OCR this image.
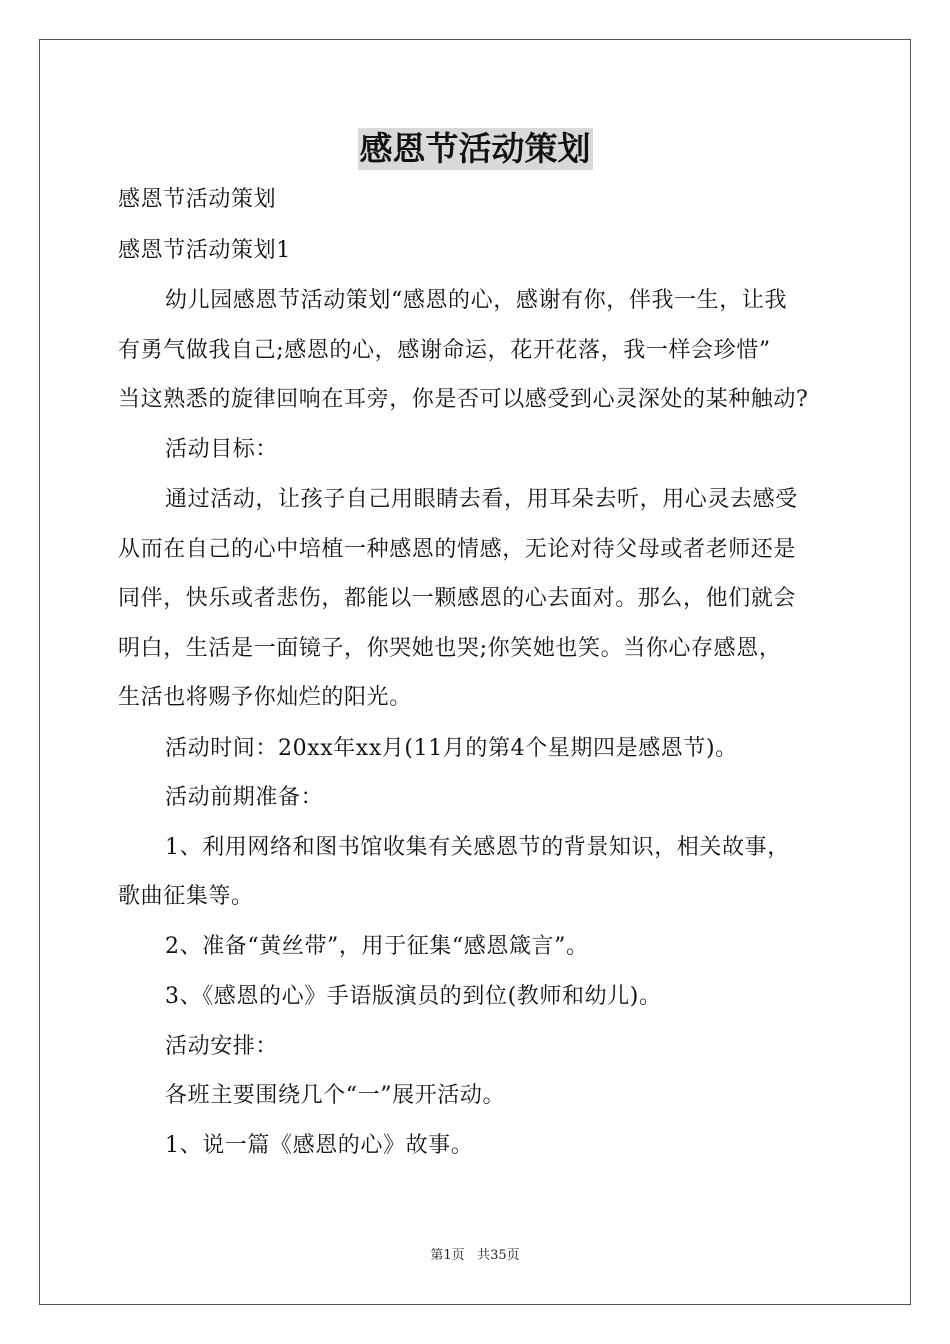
感恩节活动策划
感恩节活动策划
感恩节活动策划1
幼儿园感恩节活动策划“感恩的心，感谢有你，伴我一生，让我
有勇气做我自己;感恩的心，感谢命运，花开花落，我一样会珍惜”
当这熟悉的旋律回响在耳旁，你是否可以感受到心灵深处的某种触动?
活动目标：
通过活动，让孩子自己用眼睛去看，用耳朵去听，用心灵去感受
从而在自己的心中培植一种感恩的情感，无论对待父母或者老师还是
同伴，快乐或者悲伤，都能以一颗感恩的心去面对。那么，他们就会
明白，生活是一面镜子，你哭她也哭;你笑她也笑。当你心存感恩，
生活也将赐予你灿烂的阳光。
活动时间：20xx年xx月(11月的第4个星期四是感恩节)。
活动前期准备：
1、利用网络和图书馆收集有关感恩节的背景知识，相关故事，
歌曲征集等。
2、准备“黄丝带”，用于征集“感恩箴言”。
3、《感恩的心》手语版演员的到位(教师和幼儿)。
活动安排：
各班主要围绕几个“一”展开活动。
1、说一篇《感恩的心》故事。
第1页 共35页
